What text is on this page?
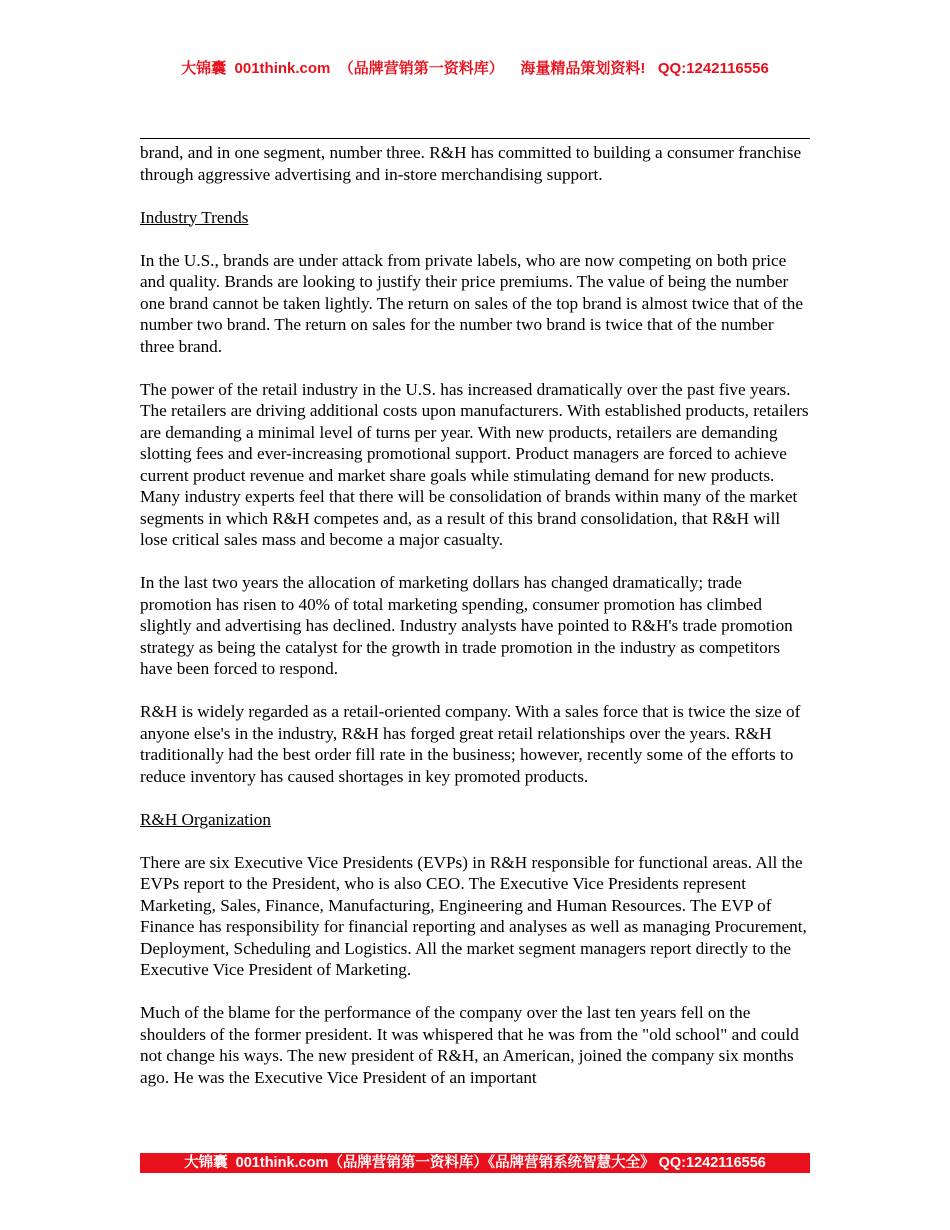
大锦囊  001think.com  （品牌营销第一资料库）    海量精品策划资料!   QQ:1242116556

brand, and in one segment, number three. R&H has committed to building a consumer franchise through aggressive advertising and in-store merchandising support.

Industry Trends

In the U.S., brands are under attack from private labels, who are now competing on both price and quality. Brands are looking to justify their price premiums. The value of being the number one brand cannot be taken lightly. The return on sales of the top brand is almost twice that of the number two brand. The return on sales for the number two brand is twice that of the number three brand.

The power of the retail industry in the U.S. has increased dramatically over the past five years. The retailers are driving additional costs upon manufacturers. With established products, retailers are demanding a minimal level of turns per year. With new products, retailers are demanding slotting fees and ever-increasing promotional support. Product managers are forced to achieve current product revenue and market share goals while stimulating demand for new products. Many industry experts feel that there will be consolidation of brands within many of the market segments in which R&H competes and, as a result of this brand consolidation, that R&H will lose critical sales mass and become a major casualty.

In the last two years the allocation of marketing dollars has changed dramatically; trade promotion has risen to 40% of total marketing spending, consumer promotion has climbed slightly and advertising has declined. Industry analysts have pointed to R&H's trade promotion strategy as being the catalyst for the growth in trade promotion in the industry as competitors have been forced to respond.

R&H is widely regarded as a retail-oriented company. With a sales force that is twice the size of anyone else's in the industry, R&H has forged great retail relationships over the years. R&H traditionally had the best order fill rate in the business; however, recently some of the efforts to reduce inventory has caused shortages in key promoted products.

R&H Organization

There are six Executive Vice Presidents (EVPs) in R&H responsible for functional areas. All the EVPs report to the President, who is also CEO. The Executive Vice Presidents represent Marketing, Sales, Finance, Manufacturing, Engineering and Human Resources. The EVP of Finance has responsibility for financial reporting and analyses as well as managing Procurement, Deployment, Scheduling and Logistics. All the market segment managers report directly to the Executive Vice President of Marketing.

Much of the blame for the performance of the company over the last ten years fell on the shoulders of the former president. It was whispered that he was from the "old school" and could not change his ways. The new president of R&H, an American, joined the company six months ago. He was the Executive Vice President of an important

大锦囊  001think.com（品牌营销第一资料库）《品牌营销系统智慧大全》 QQ:1242116556
